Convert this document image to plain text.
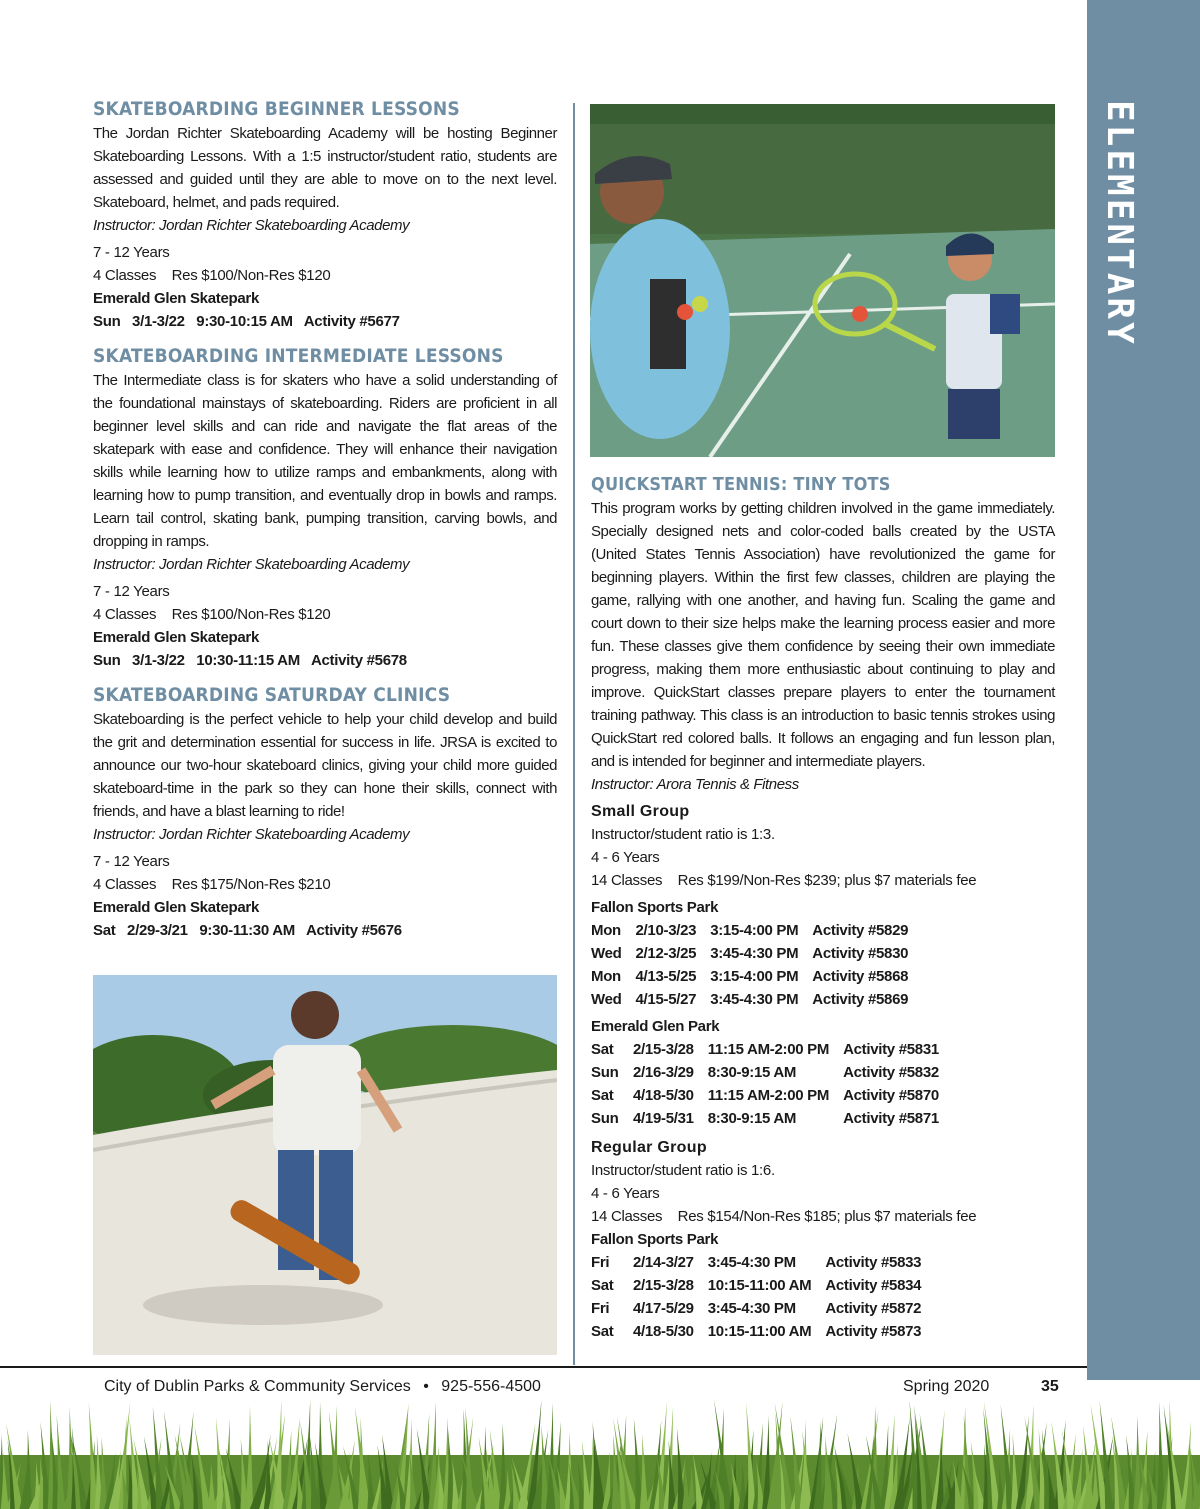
ELEMENTARY
SKATEBOARDING BEGINNER LESSONS

The Jordan Richter Skateboarding Academy will be hosting Beginner Skateboarding Lessons. With a 1:5 instructor/student ratio, students are assessed and guided until they are able to move on to the next level. Skateboard, helmet, and pads required.

Instructor: Jordan Richter Skateboarding Academy

7 - 12 Years

4 Classes    Res $100/Non-Res $120

Emerald Glen Skatepark

Sun   3/1-3/22   9:30-10:15 AM   Activity #5677

SKATEBOARDING INTERMEDIATE LESSONS

The Intermediate class is for skaters who have a solid understanding of the foundational mainstays of skateboarding. Riders are proficient in all beginner level skills and can ride and navigate the flat areas of the skatepark with ease and confidence. They will enhance their navigation skills while learning how to utilize ramps and embankments, along with learning how to pump transition, and eventually drop in bowls and ramps. Learn tail control, skating bank, pumping transition, carving bowls, and dropping in ramps.

Instructor: Jordan Richter Skateboarding Academy

7 - 12 Years

4 Classes    Res $100/Non-Res $120

Emerald Glen Skatepark

Sun   3/1-3/22   10:30-11:15 AM   Activity #5678

SKATEBOARDING SATURDAY CLINICS

Skateboarding is the perfect vehicle to help your child develop and build the grit and determination essential for success in life. JRSA is excited to announce our two-hour skateboard clinics, giving your child more guided skateboard-time in the park so they can hone their skills, connect with friends, and have a blast learning to ride!

Instructor: Jordan Richter Skateboarding Academy

7 - 12 Years

4 Classes    Res $175/Non-Res $210

Emerald Glen Skatepark

Sat   2/29-3/21   9:30-11:30 AM   Activity #5676

QUICKSTART TENNIS: TINY TOTS

This program works by getting children involved in the game immediately. Specially designed nets and color-coded balls created by the USTA (United States Tennis Association) have revolutionized the game for beginning players. Within the first few classes, children are playing the game, rallying with one another, and having fun. Scaling the game and court down to their size helps make the learning process easier and more fun. These classes give them confidence by seeing their own immediate progress, making them more enthusiastic about continuing to play and improve. QuickStart classes prepare players to enter the tournament training pathway. This class is an introduction to basic tennis strokes using QuickStart red colored balls. It follows an engaging and fun lesson plan, and is intended for beginner and intermediate players.

Instructor: Arora Tennis & Fitness

Small Group

Instructor/student ratio is 1:3.

4 - 6 Years

14 Classes    Res $199/Non-Res $239; plus $7 materials fee

Fallon Sports Park

Mon	2/10-3/23	3:15-4:00 PM	Activity #5829
Wed	2/12-3/25	3:45-4:30 PM	Activity #5830
Mon	4/13-5/25	3:15-4:00 PM	Activity #5868
Wed	4/15-5/27	3:45-4:30 PM	Activity #5869

Emerald Glen Park

Sat	2/15-3/28	11:15 AM-2:00 PM	Activity #5831
Sun	2/16-3/29	8:30-9:15 AM	Activity #5832
Sat	4/18-5/30	11:15 AM-2:00 PM	Activity #5870
Sun	4/19-5/31	8:30-9:15 AM	Activity #5871

Regular Group

Instructor/student ratio is 1:6.

4 - 6 Years

14 Classes    Res $154/Non-Res $185; plus $7 materials fee

Fallon Sports Park

Fri	2/14-3/27	3:45-4:30 PM	Activity #5833
Sat	2/15-3/28	10:15-11:00 AM	Activity #5834
Fri	4/17-5/29	3:45-4:30 PM	Activity #5872
Sat	4/18-5/30	10:15-11:00 AM	Activity #5873
City of Dublin Parks & Community Services • 925-556-4500	Spring 2020	35
